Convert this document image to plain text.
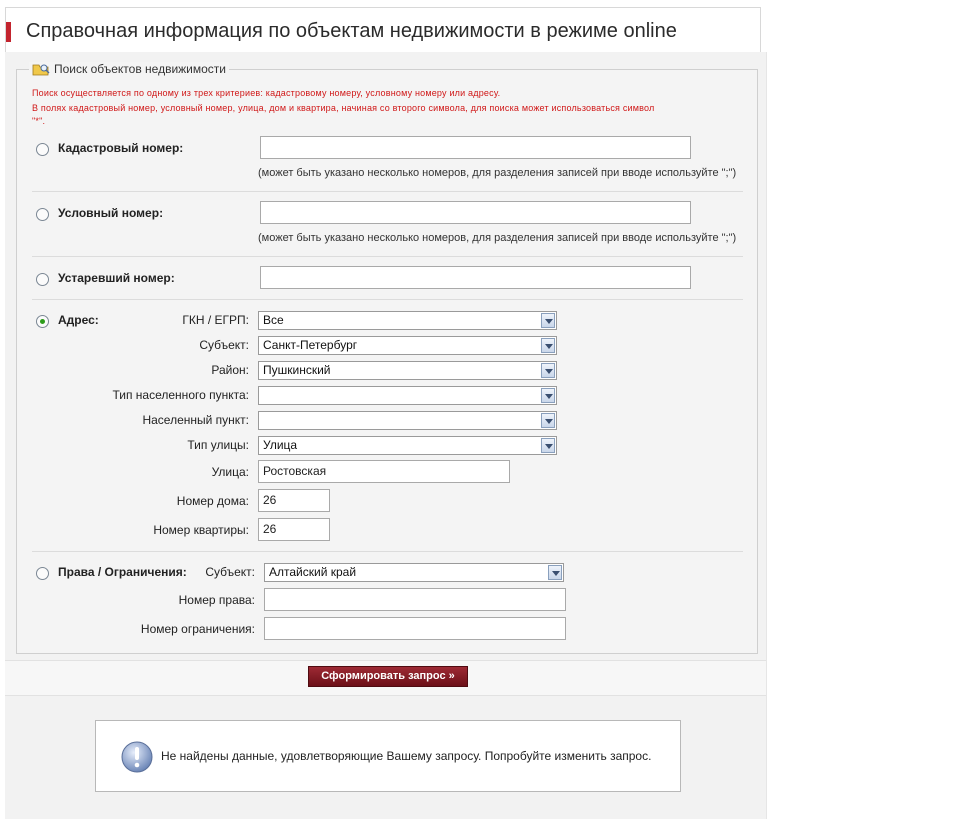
Справочная информация по объектам недвижимости в режиме online
Поиск объектов недвижимости
Поиск осуществляется по одному из трех критериев: кадастровому номеру, условному номеру или адресу.
В полях кадастровый номер, условный номер, улица, дом и квартира, начиная со второго символа, для поиска может использоваться символ
"*".
Кадастровый номер:
(может быть указано несколько номеров, для разделения записей при вводе используйте ";")
Условный номер:
(может быть указано несколько номеров, для разделения записей при вводе используйте ";")
Устаревший номер:
Адрес:	ГКН / ЕГРП:	Все
Субъект:	Санкт-Петербург
Район:	Пушкинский
Тип населенного пункта:
Населенный пункт:
Тип улицы:	Улица
Улица:	Ростовская
Номер дома:	26
Номер квартиры:	26
Права / Ограничения:	Субъект:	Алтайский край
Номер права:
Номер ограничения:
Сформировать запрос »
Не найдены данные, удовлетворяющие Вашему запросу. Попробуйте изменить запрос.
